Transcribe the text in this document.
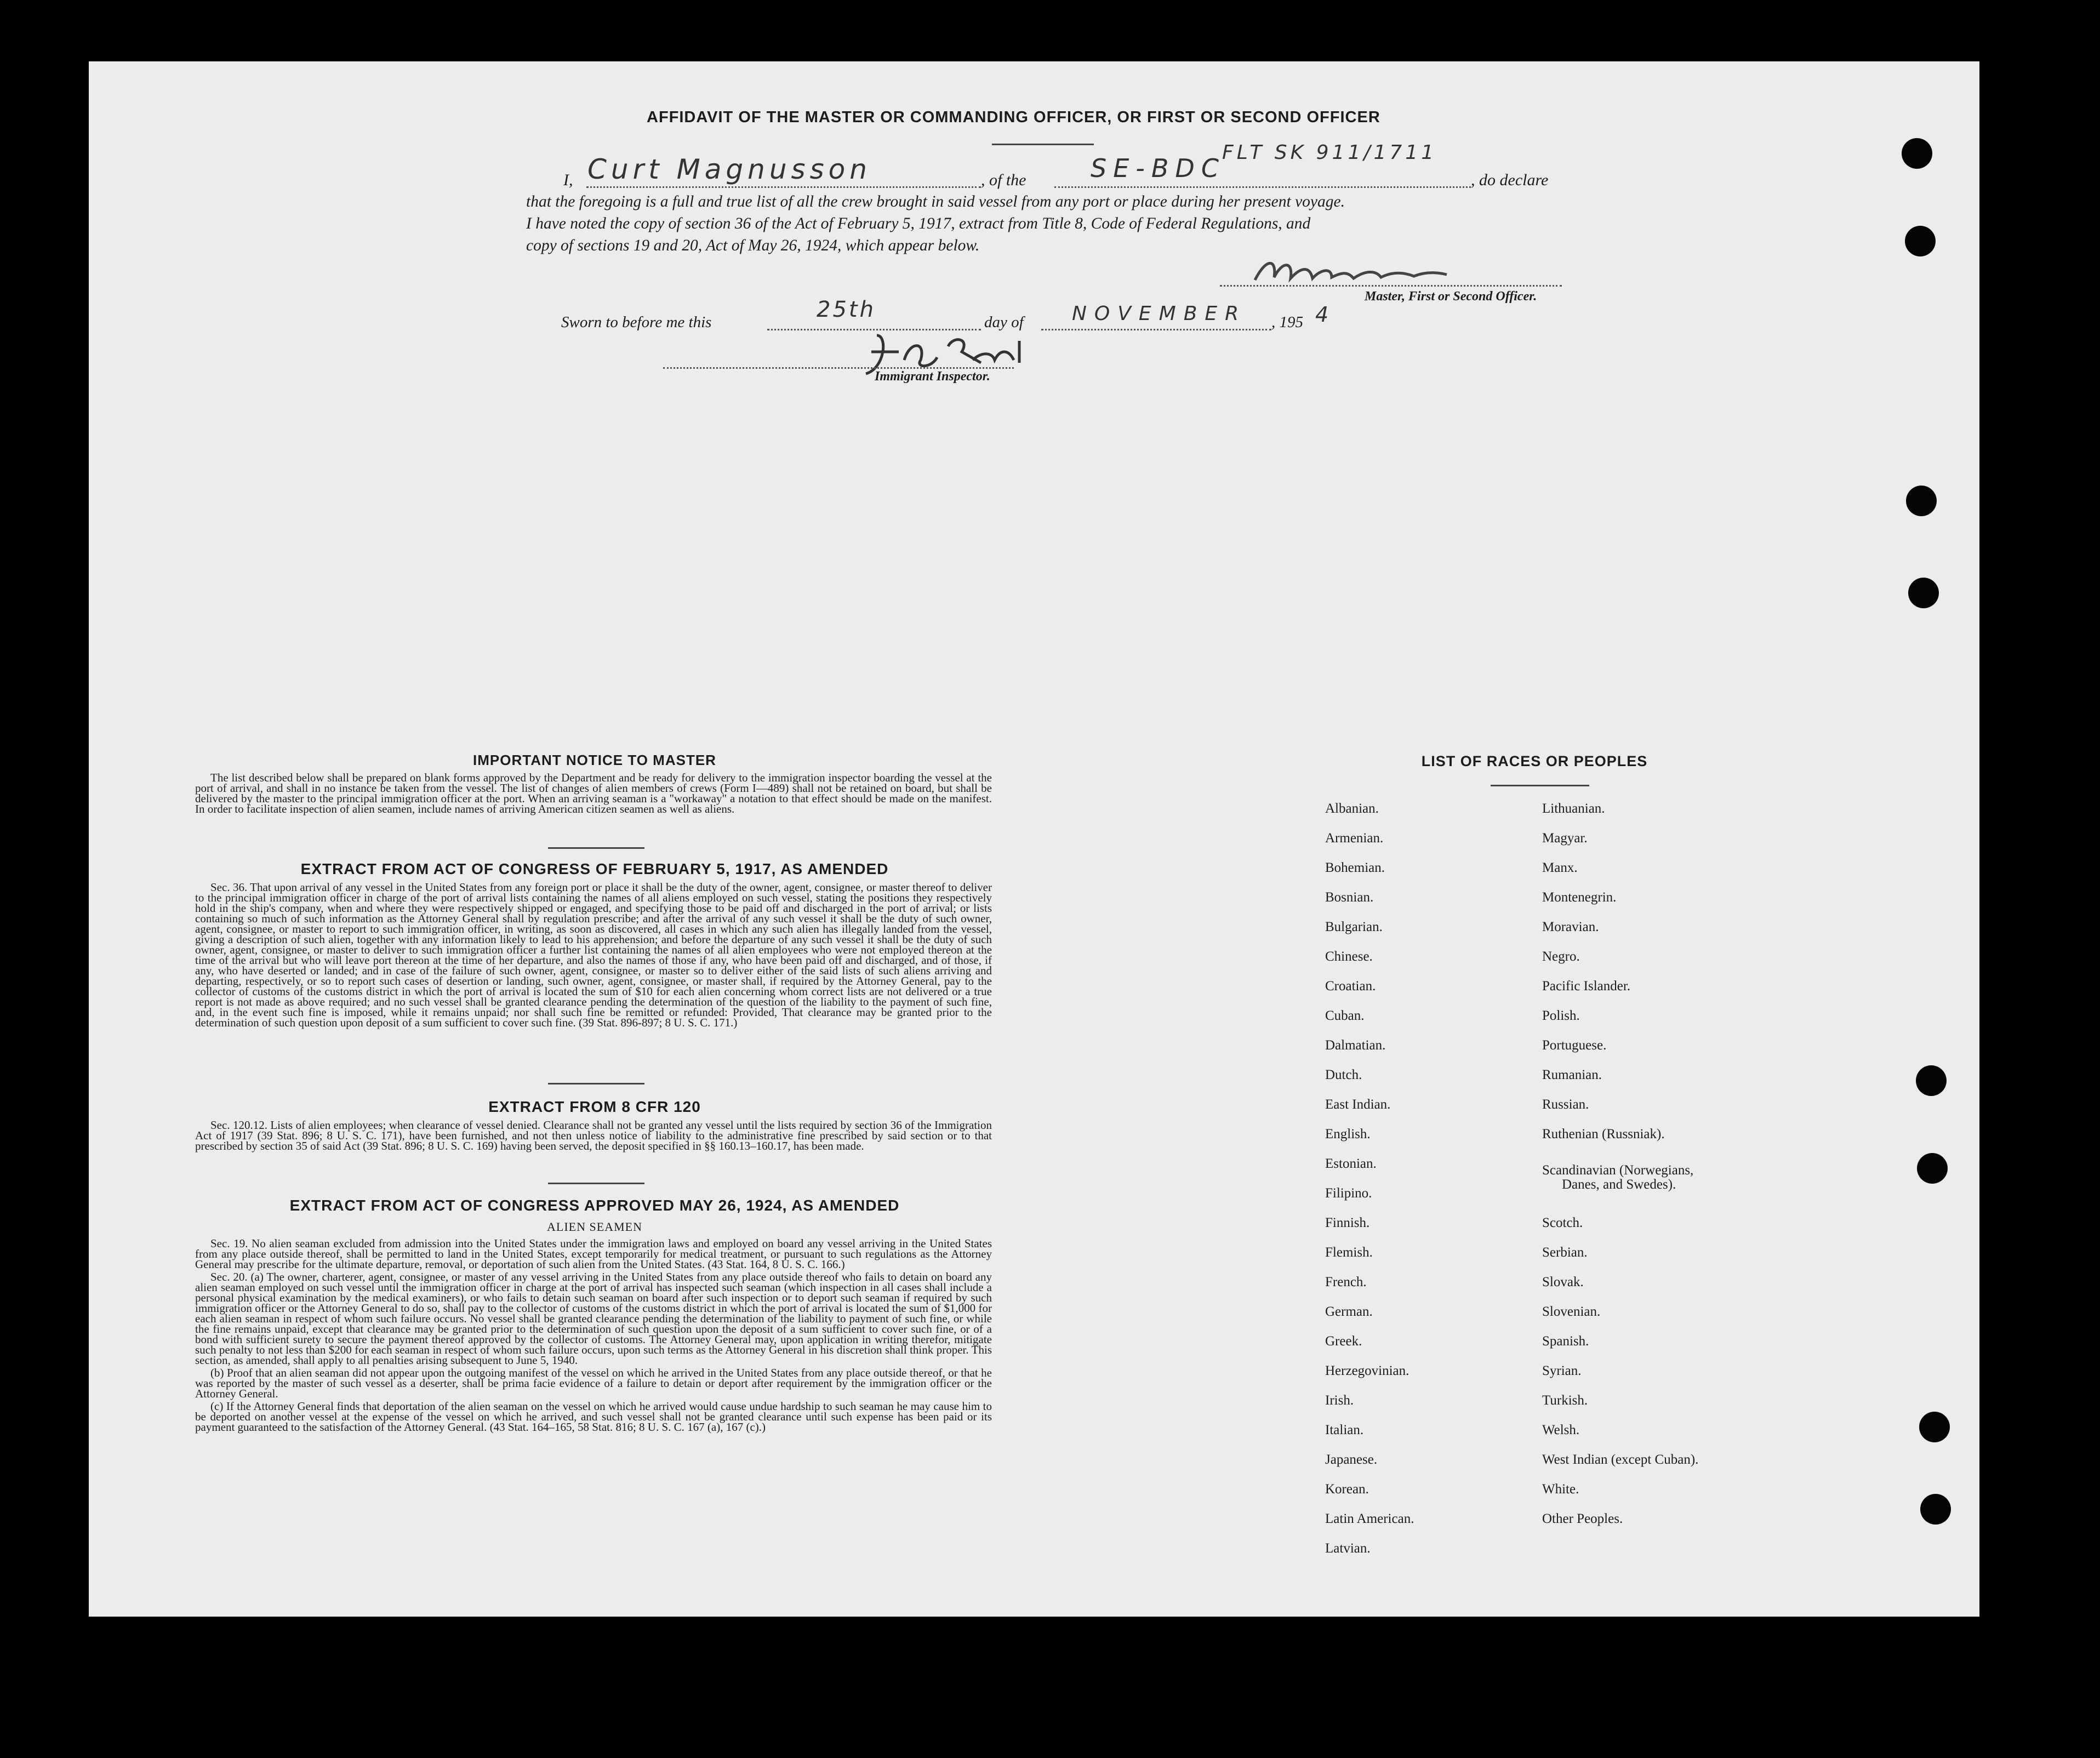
AFFIDAVIT OF THE MASTER OR COMMANDING OFFICER, OR FIRST OR SECOND OFFICER
I, Curt Magnusson	, of the	SE-BDC
FLT SK 911/1711
, do declare
that the foregoing is a full and true list of all the crew brought in said vessel from any port or place during her present voyage.
I have noted the copy of section 36 of the Act of February 5, 1917, extract from Title 8, Code of Federal Regulations, and
copy of sections 19 and 20, Act of May 26, 1924, which appear below.
Master, First or Second Officer.
Sworn to before me this	25th	day of NOVEMBER , 195 4
Immigrant Inspector.
IMPORTANT NOTICE TO MASTER

The list described below shall be prepared on blank forms approved by the Department and be ready for delivery to the immigration inspector boarding the vessel at the port of arrival, and shall in no instance be taken from the vessel. The list of changes of alien members of crews (Form I—489) shall not be retained on board, but shall be delivered by the master to the principal immigration officer at the port. When an arriving seaman is a "workaway" a notation to that effect should be made on the manifest. In order to facilitate inspection of alien seamen, include names of arriving American citizen seamen as well as aliens.

EXTRACT FROM ACT OF CONGRESS OF FEBRUARY 5, 1917, AS AMENDED

Sec. 36. That upon arrival of any vessel in the United States from any foreign port or place it shall be the duty of the owner, agent, consignee, or master thereof to deliver to the principal immigration officer in charge of the port of arrival lists containing the names of all aliens employed on such vessel, stating the positions they respectively hold in the ship's company, when and where they were respectively shipped or engaged, and specifying those to be paid off and discharged in the port of arrival; or lists containing so much of such information as the Attorney General shall by regulation prescribe; and after the arrival of any such vessel it shall be the duty of such owner, agent, consignee, or master to report to such immigration officer, in writing, as soon as discovered, all cases in which any such alien has illegally landed from the vessel, giving a description of such alien, together with any information likely to lead to his apprehension; and before the departure of any such vessel it shall be the duty of such owner, agent, consignee, or master to deliver to such immigration officer a further list containing the names of all alien employees who were not employed thereon at the time of the arrival but who will leave port thereon at the time of her departure, and also the names of those if any, who have been paid off and discharged, and of those, if any, who have deserted or landed; and in case of the failure of such owner, agent, consignee, or master so to deliver either of the said lists of such aliens arriving and departing, respectively, or so to report such cases of desertion or landing, such owner, agent, consignee, or master shall, if required by the Attorney General, pay to the collector of customs of the customs district in which the port of arrival is located the sum of $10 for each alien concerning whom correct lists are not delivered or a true report is not made as above required; and no such vessel shall be granted clearance pending the determination of the question of the liability to the payment of such fine, and, in the event such fine is imposed, while it remains unpaid; nor shall such fine be remitted or refunded: Provided, That clearance may be granted prior to the determination of such question upon deposit of a sum sufficient to cover such fine. (39 Stat. 896-897; 8 U. S. C. 171.)

EXTRACT FROM 8 CFR 120

Sec. 120.12. Lists of alien employees; when clearance of vessel denied. Clearance shall not be granted any vessel until the lists required by section 36 of the Immigration Act of 1917 (39 Stat. 896; 8 U. S. C. 171), have been furnished, and not then unless notice of liability to the administrative fine prescribed by said section or to that prescribed by section 35 of said Act (39 Stat. 896; 8 U. S. C. 169) having been served, the deposit specified in §§ 160.13–160.17, has been made.

EXTRACT FROM ACT OF CONGRESS APPROVED MAY 26, 1924, AS AMENDED
ALIEN SEAMEN

Sec. 19. No alien seaman excluded from admission into the United States under the immigration laws and employed on board any vessel arriving in the United States from any place outside thereof, shall be permitted to land in the United States, except temporarily for medical treatment, or pursuant to such regulations as the Attorney General may prescribe for the ultimate departure, removal, or deportation of such alien from the United States. (43 Stat. 164, 8 U. S. C. 166.)

Sec. 20. (a) The owner, charterer, agent, consignee, or master of any vessel arriving in the United States from any place outside thereof who fails to detain on board any alien seaman employed on such vessel until the immigration officer in charge at the port of arrival has inspected such seaman (which inspection in all cases shall include a personal physical examination by the medical examiners), or who fails to detain such seaman on board after such inspection or to deport such seaman if required by such immigration officer or the Attorney General to do so, shall pay to the collector of customs of the customs district in which the port of arrival is located the sum of $1,000 for each alien seaman in respect of whom such failure occurs. No vessel shall be granted clearance pending the determination of the liability to payment of such fine, or while the fine remains unpaid, except that clearance may be granted prior to the determination of such question upon the deposit of a sum sufficient to cover such fine, or of a bond with sufficient surety to secure the payment thereof approved by the collector of customs. The Attorney General may, upon application in writing therefor, mitigate such penalty to not less than $200 for each seaman in respect of whom such failure occurs, upon such terms as the Attorney General in his discretion shall think proper. This section, as amended, shall apply to all penalties arising subsequent to June 5, 1940.

(b) Proof that an alien seaman did not appear upon the outgoing manifest of the vessel on which he arrived in the United States from any place outside thereof, or that he was reported by the master of such vessel as a deserter, shall be prima facie evidence of a failure to detain or deport after requirement by the immigration officer or the Attorney General.

(c) If the Attorney General finds that deportation of the alien seaman on the vessel on which he arrived would cause undue hardship to such seaman he may cause him to be deported on another vessel at the expense of the vessel on which he arrived, and such vessel shall not be granted clearance until such expense has been paid or its payment guaranteed to the satisfaction of the Attorney General. (43 Stat. 164–165, 58 Stat. 816; 8 U. S. C. 167 (a), 167 (c).)

LIST OF RACES OR PEOPLES
Albanian.
Armenian.
Bohemian.
Bosnian.
Bulgarian.
Chinese.
Croatian.
Cuban.
Dalmatian.
Dutch.
East Indian.
English.
Estonian.
Filipino.
Finnish.
Flemish.
French.
German.
Greek.
Herzegovinian.
Irish.
Italian.
Japanese.
Korean.
Latin American.
Latvian.
Lithuanian.
Magyar.
Manx.
Montenegrin.
Moravian.
Negro.
Pacific Islander.
Polish.
Portuguese.
Rumanian.
Russian.
Ruthenian (Russniak).
Scandinavian (Norwegians,
Danes, and Swedes).
Scotch.
Serbian.
Slovak.
Slovenian.
Spanish.
Syrian.
Turkish.
Welsh.
West Indian (except Cuban).
White.
Other Peoples.
